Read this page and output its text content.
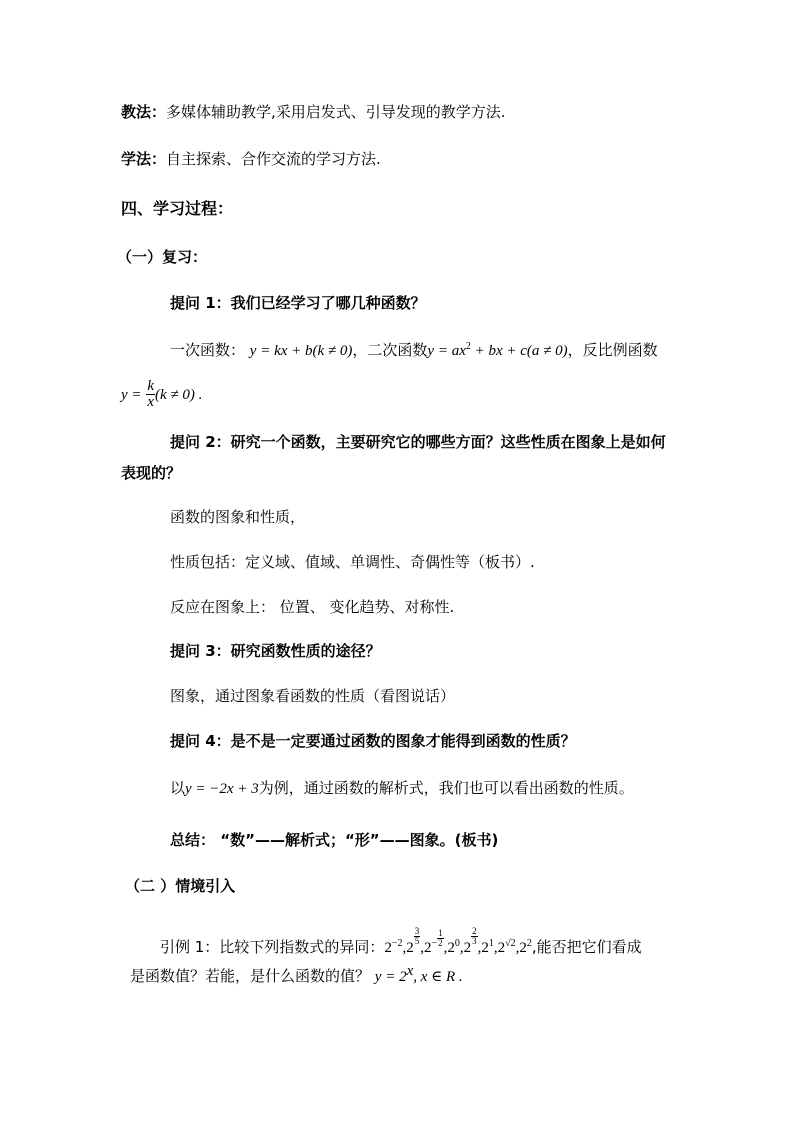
教法：多媒体辅助教学,采用启发式、引导发现的教学方法.
学法：自主探索、合作交流的学习方法.
四、学习过程：
（一）复习：
提问 1：我们已经学习了哪几种函数？
一次函数： y = kx + b(k ≠ 0)，二次函数$y = ax^2$ + bx + c(a ≠ 0)，反比例函数
$y = \frac{k}{x} (k \ne 0)$ .
提问 2：研究一个函数，主要研究它的哪些方面？这些性质在图象上是如何
表现的？
函数的图象和性质，
性质包括：定义域、值域、单调性、奇偶性等（板书）.
反应在图象上： 位置、 变化趋势、对称性.
提问 3：研究函数性质的途径？
图象，通过图象看函数的性质（看图说话）
提问 4：是不是一定要通过函数的图象才能得到函数的性质？
以y = −2x + 3为例，通过函数的解析式，我们也可以看出函数的性质。
总结： “数”——解析式；“形”——图象。(板书)
（二 ）情境引入
引例 1：比较下列指数式的异同：$2^{-2},2$
$\frac{3}{5}$
$,2^{- \frac{1}{2}}$ $,2^0,2$
$\frac{2}{3}$
$,2^1,2^{√2},2^2$,能否把它们看成
是函数值？若能，是什么函数的值？ $y = 2^x$, x ∈ R .
